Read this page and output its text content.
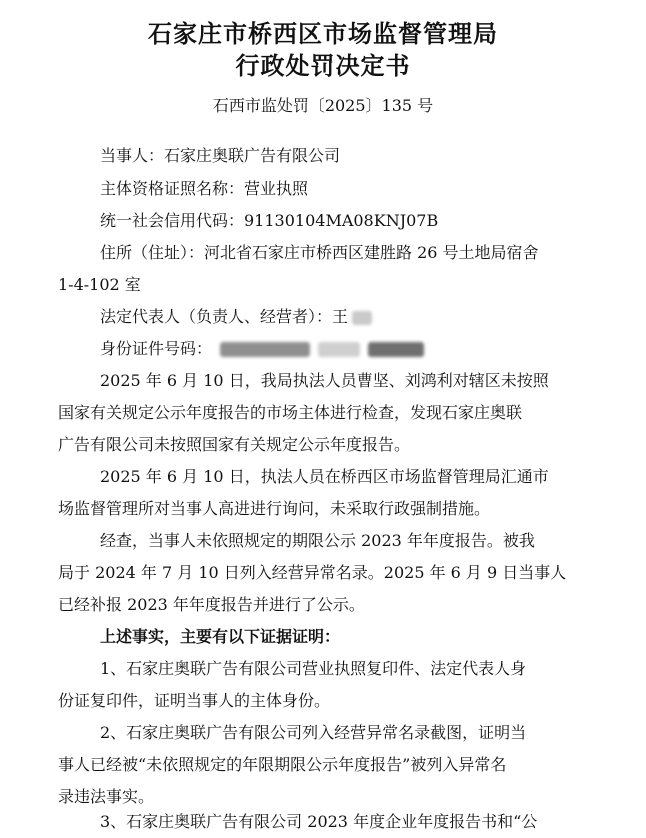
石家庄市桥西区市场监督管理局
行政处罚决定书
石西市监处罚〔2025〕135 号
当事人：石家庄奥联广告有限公司
主体资格证照名称：营业执照
统一社会信用代码：91130104MA08KNJ07B
住所（住址）：河北省石家庄市桥西区建胜路 26 号土地局宿舍
1-4-102 室
法定代表人（负责人、经营者）：王
身份证件号码：
2025 年 6 月 10 日，我局执法人员曹坚、刘鸿利对辖区未按照
国家有关规定公示年度报告的市场主体进行检查，发现石家庄奥联
广告有限公司未按照国家有关规定公示年度报告。
2025 年 6 月 10 日，执法人员在桥西区市场监督管理局汇通市
场监督管理所对当事人高进进行询问，未采取行政强制措施。
经查，当事人未依照规定的期限公示 2023 年年度报告。被我
局于 2024 年 7 月 10 日列入经营异常名录。2025 年 6 月 9 日当事人
已经补报 2023 年年度报告并进行了公示。
上述事实，主要有以下证据证明：
1、石家庄奥联广告有限公司营业执照复印件、法定代表人身
份证复印件，证明当事人的主体身份。
2、石家庄奥联广告有限公司列入经营异常名录截图，证明当
事人已经被“未依照规定的年限期限公示年度报告”被列入异常名
录违法事实。
3、石家庄奥联广告有限公司 2023 年度企业年度报告书和“公
